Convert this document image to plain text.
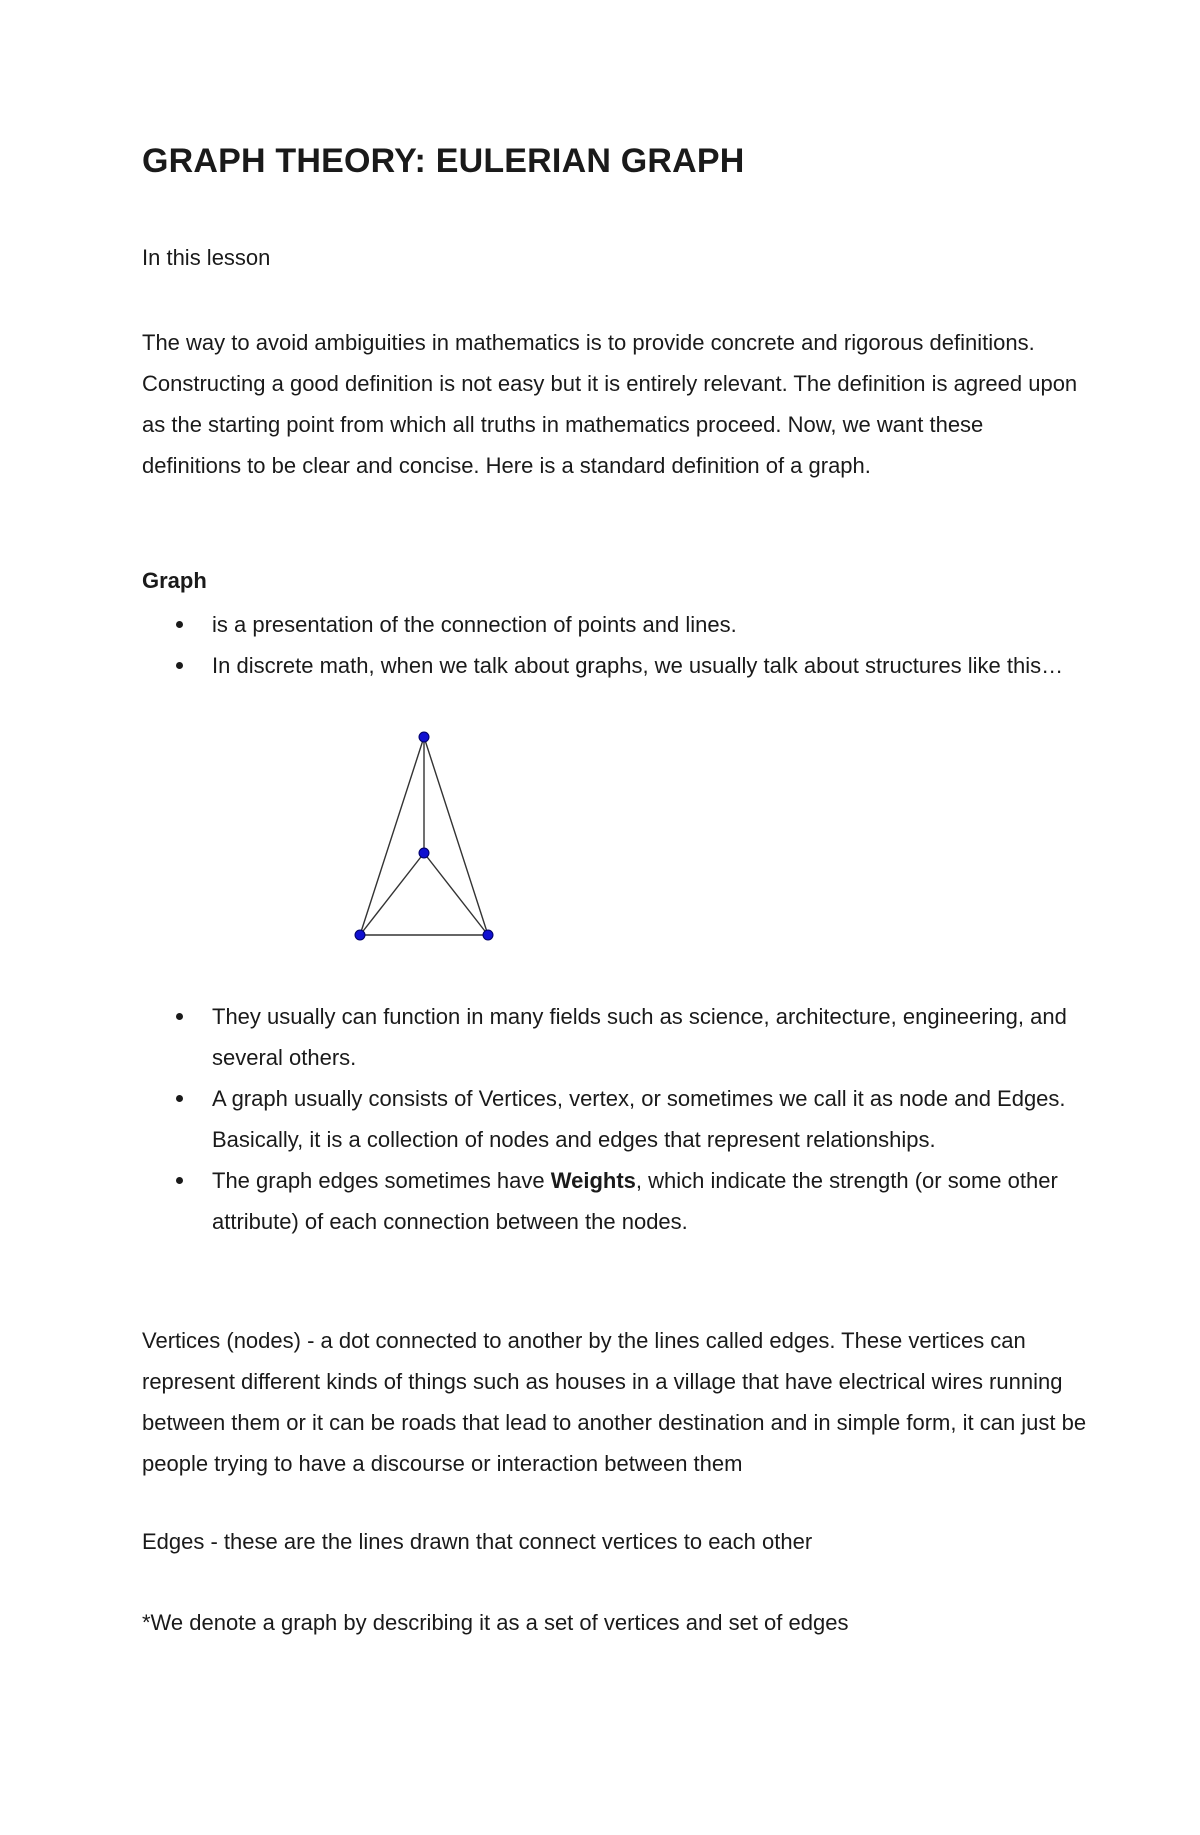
GRAPH THEORY: EULERIAN GRAPH
In this lesson

The way to avoid ambiguities in mathematics is to provide concrete and rigorous definitions. Constructing a good definition is not easy but it is entirely relevant. The definition is agreed upon as the starting point from which all truths in mathematics proceed. Now, we want these definitions to be clear and concise. Here is a standard definition of a graph.

Graph
is a presentation of the connection of points and lines.
In discrete math, when we talk about graphs, we usually talk about structures like this…
They usually can function in many fields such as science, architecture, engineering, and several others.
A graph usually consists of Vertices, vertex, or sometimes we call it as node and Edges. Basically, it is a collection of nodes and edges that represent relationships.
The graph edges sometimes have Weights, which indicate the strength (or some other attribute) of each connection between the nodes.

Vertices (nodes) - a dot connected to another by the lines called edges. These vertices can represent different kinds of things such as houses in a village that have electrical wires running between them or it can be roads that lead to another destination and in simple form, it can just be people trying to have a discourse or interaction between them

Edges - these are the lines drawn that connect vertices to each other

*We denote a graph by describing it as a set of vertices and set of edges
